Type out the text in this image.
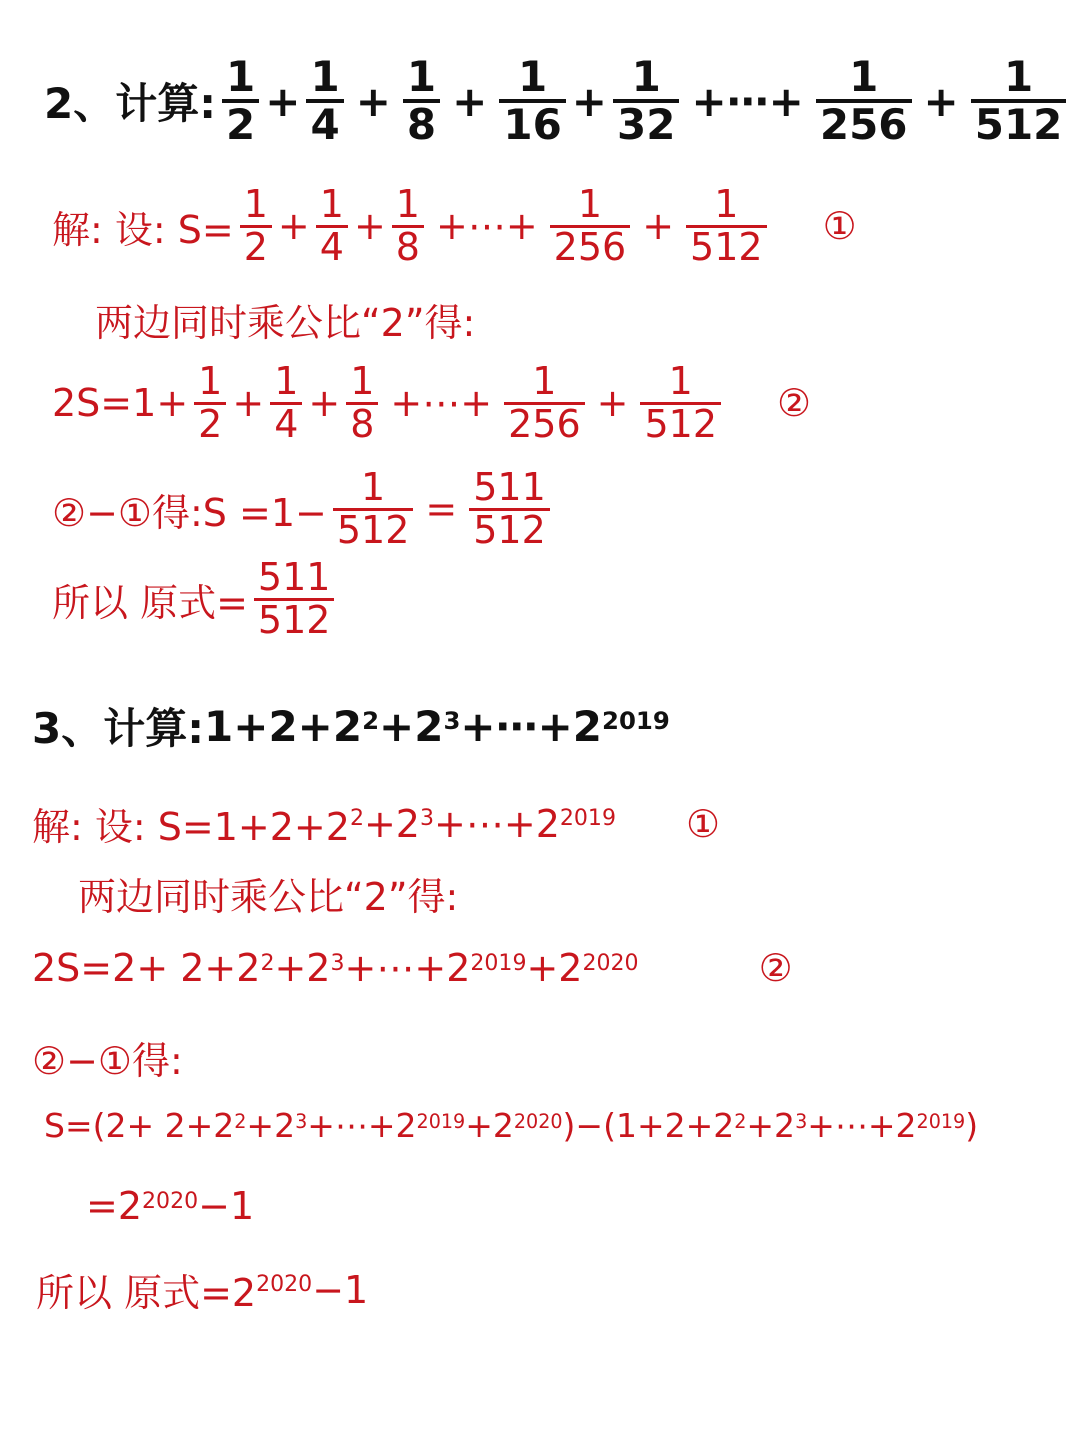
2、计算: $\frac{1}{2} + \frac{1}{4} + \frac{1}{8} + \frac{1}{16} + \frac{1}{32}$ +⋯+ $\frac{1}{256} + \frac{1}{512}$
解: 设: $S= \frac{1}{2} + \frac{1}{4} + \frac{1}{8}$ +⋯+ $\frac{1}{256} + \frac{1}{512}$ ①
两边同时乘公比“2”得:
$2S=1+ \frac{1}{2} + \frac{1}{4} + \frac{1}{8}$ +⋯+ $\frac{1}{256} + \frac{1}{512}$ ②
②−①得:S $=1- \frac{1}{512} = \frac{511}{512}$
所以 原式= $\frac{511}{512}$
3、计算: $1+2+2^2 +2^3$ $+\cdots+2^{2019}$
解: 设: $S=1+2+2^2 +2^3$ $+\cdots+2^{2019}$ ①
两边同时乘公比“2”得:
$2S=2+ 2+2^2 +2^3$ $+\cdots+2^{2019} +2^{2020}$	②
②−①得:
$S=(2+ 2+2^2 +2^3$ $+\cdots+2^{2019} +2^{2020}$ )$-(1+2+2^2 +2^3$ $+\cdots+2^{2019}$ )
$=2^{2020} -1$
所以 原式$=2^{2020} -1$
